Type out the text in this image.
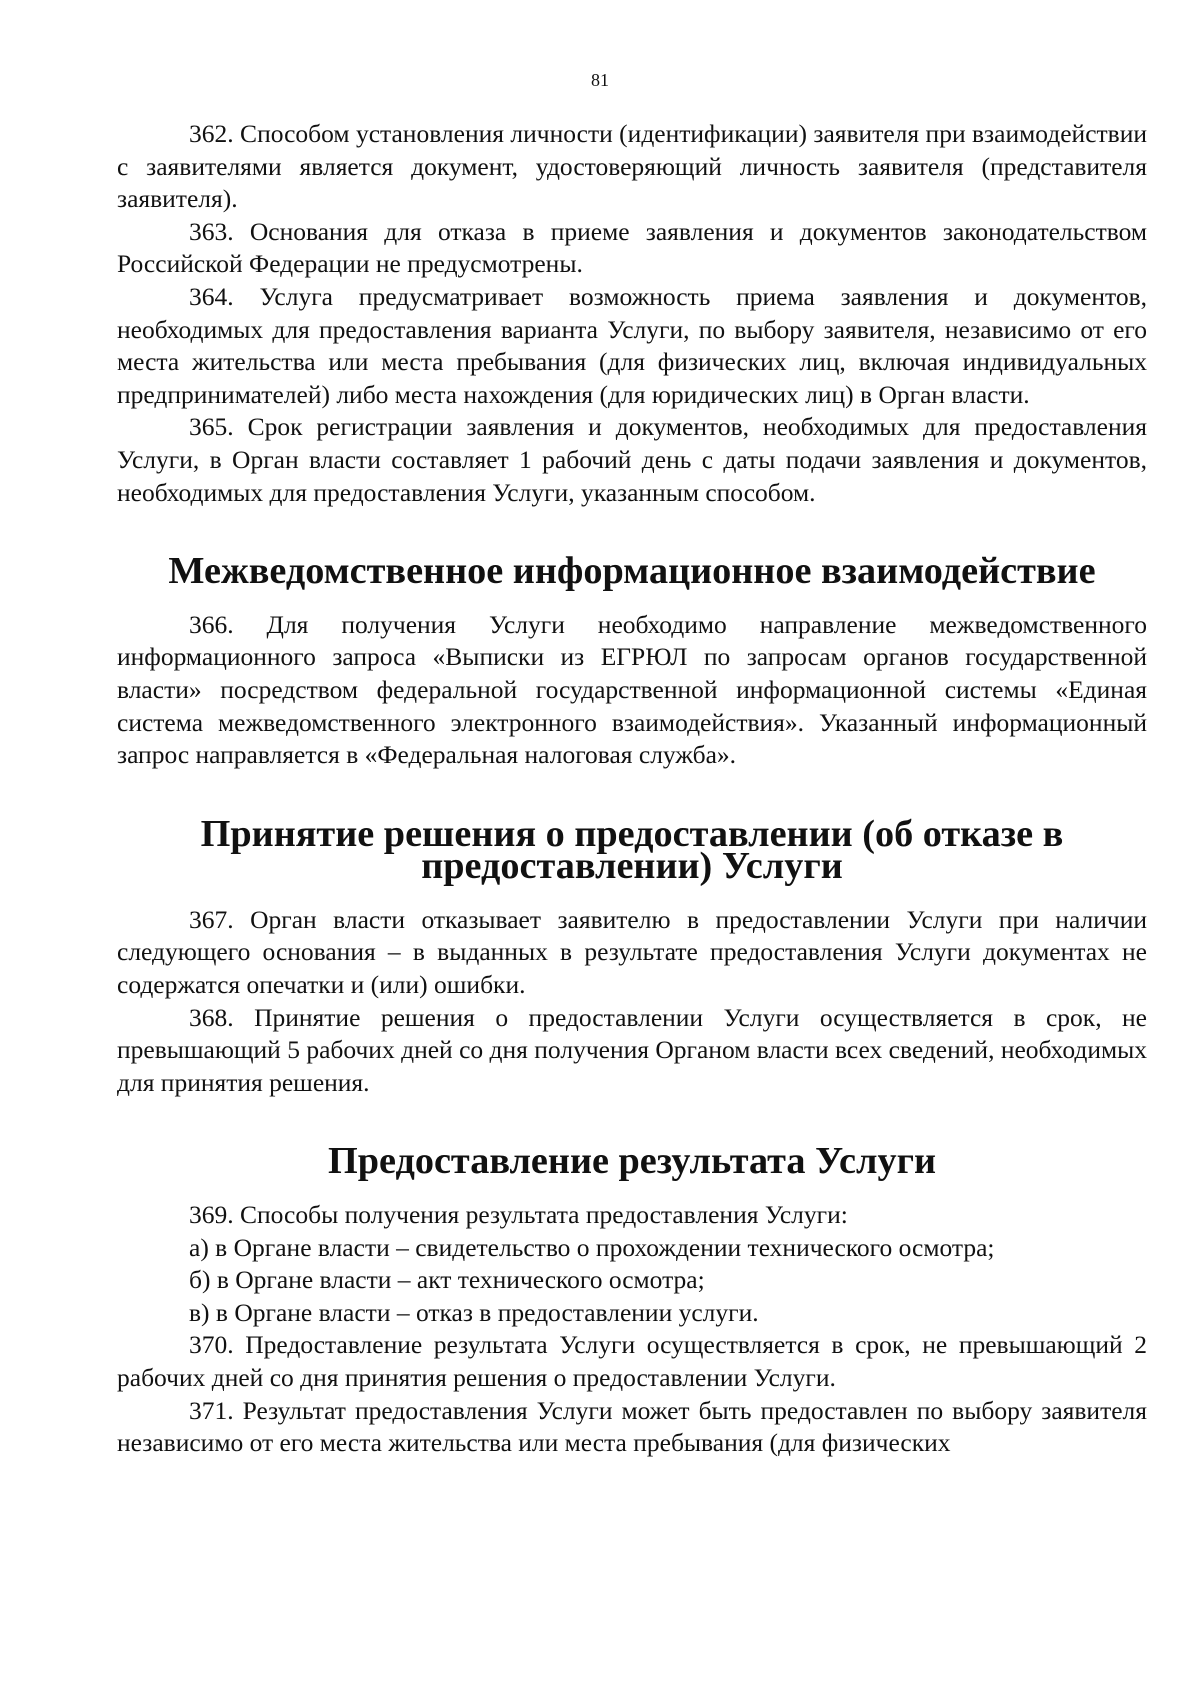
81

362. Способом установления личности (идентификации) заявителя при взаимодействии с заявителями является документ, удостоверяющий личность заявителя (представителя заявителя).

363. Основания для отказа в приеме заявления и документов законодательством Российской Федерации не предусмотрены.

364. Услуга предусматривает возможность приема заявления и документов, необходимых для предоставления варианта Услуги, по выбору заявителя, независимо от его места жительства или места пребывания (для физических лиц, включая индивидуальных предпринимателей) либо места нахождения (для юридических лиц) в Орган власти.

365. Срок регистрации заявления и документов, необходимых для предоставления Услуги, в Орган власти составляет 1 рабочий день с даты подачи заявления и документов, необходимых для предоставления Услуги, указанным способом.

Межведомственное информационное взаимодействие

366. Для получения Услуги необходимо направление межведомственного информационного запроса «Выписки из ЕГРЮЛ по запросам органов государственной власти» посредством федеральной государственной информационной системы «Единая система межведомственного электронного взаимодействия». Указанный информационный запрос направляется в «Федеральная налоговая служба».

Принятие решения о предоставлении (об отказе в предоставлении) Услуги

367. Орган власти отказывает заявителю в предоставлении Услуги при наличии следующего основания – в выданных в результате предоставления Услуги документах не содержатся опечатки и (или) ошибки.

368. Принятие решения о предоставлении Услуги осуществляется в срок, не превышающий 5 рабочих дней со дня получения Органом власти всех сведений, необходимых для принятия решения.

Предоставление результата Услуги

369. Способы получения результата предоставления Услуги:

а) в Органе власти – свидетельство о прохождении технического осмотра;

б) в Органе власти – акт технического осмотра;

в) в Органе власти – отказ в предоставлении услуги.

370. Предоставление результата Услуги осуществляется в срок, не превышающий 2 рабочих дней со дня принятия решения о предоставлении Услуги.

371. Результат предоставления Услуги может быть предоставлен по выбору заявителя независимо от его места жительства или места пребывания (для физических
